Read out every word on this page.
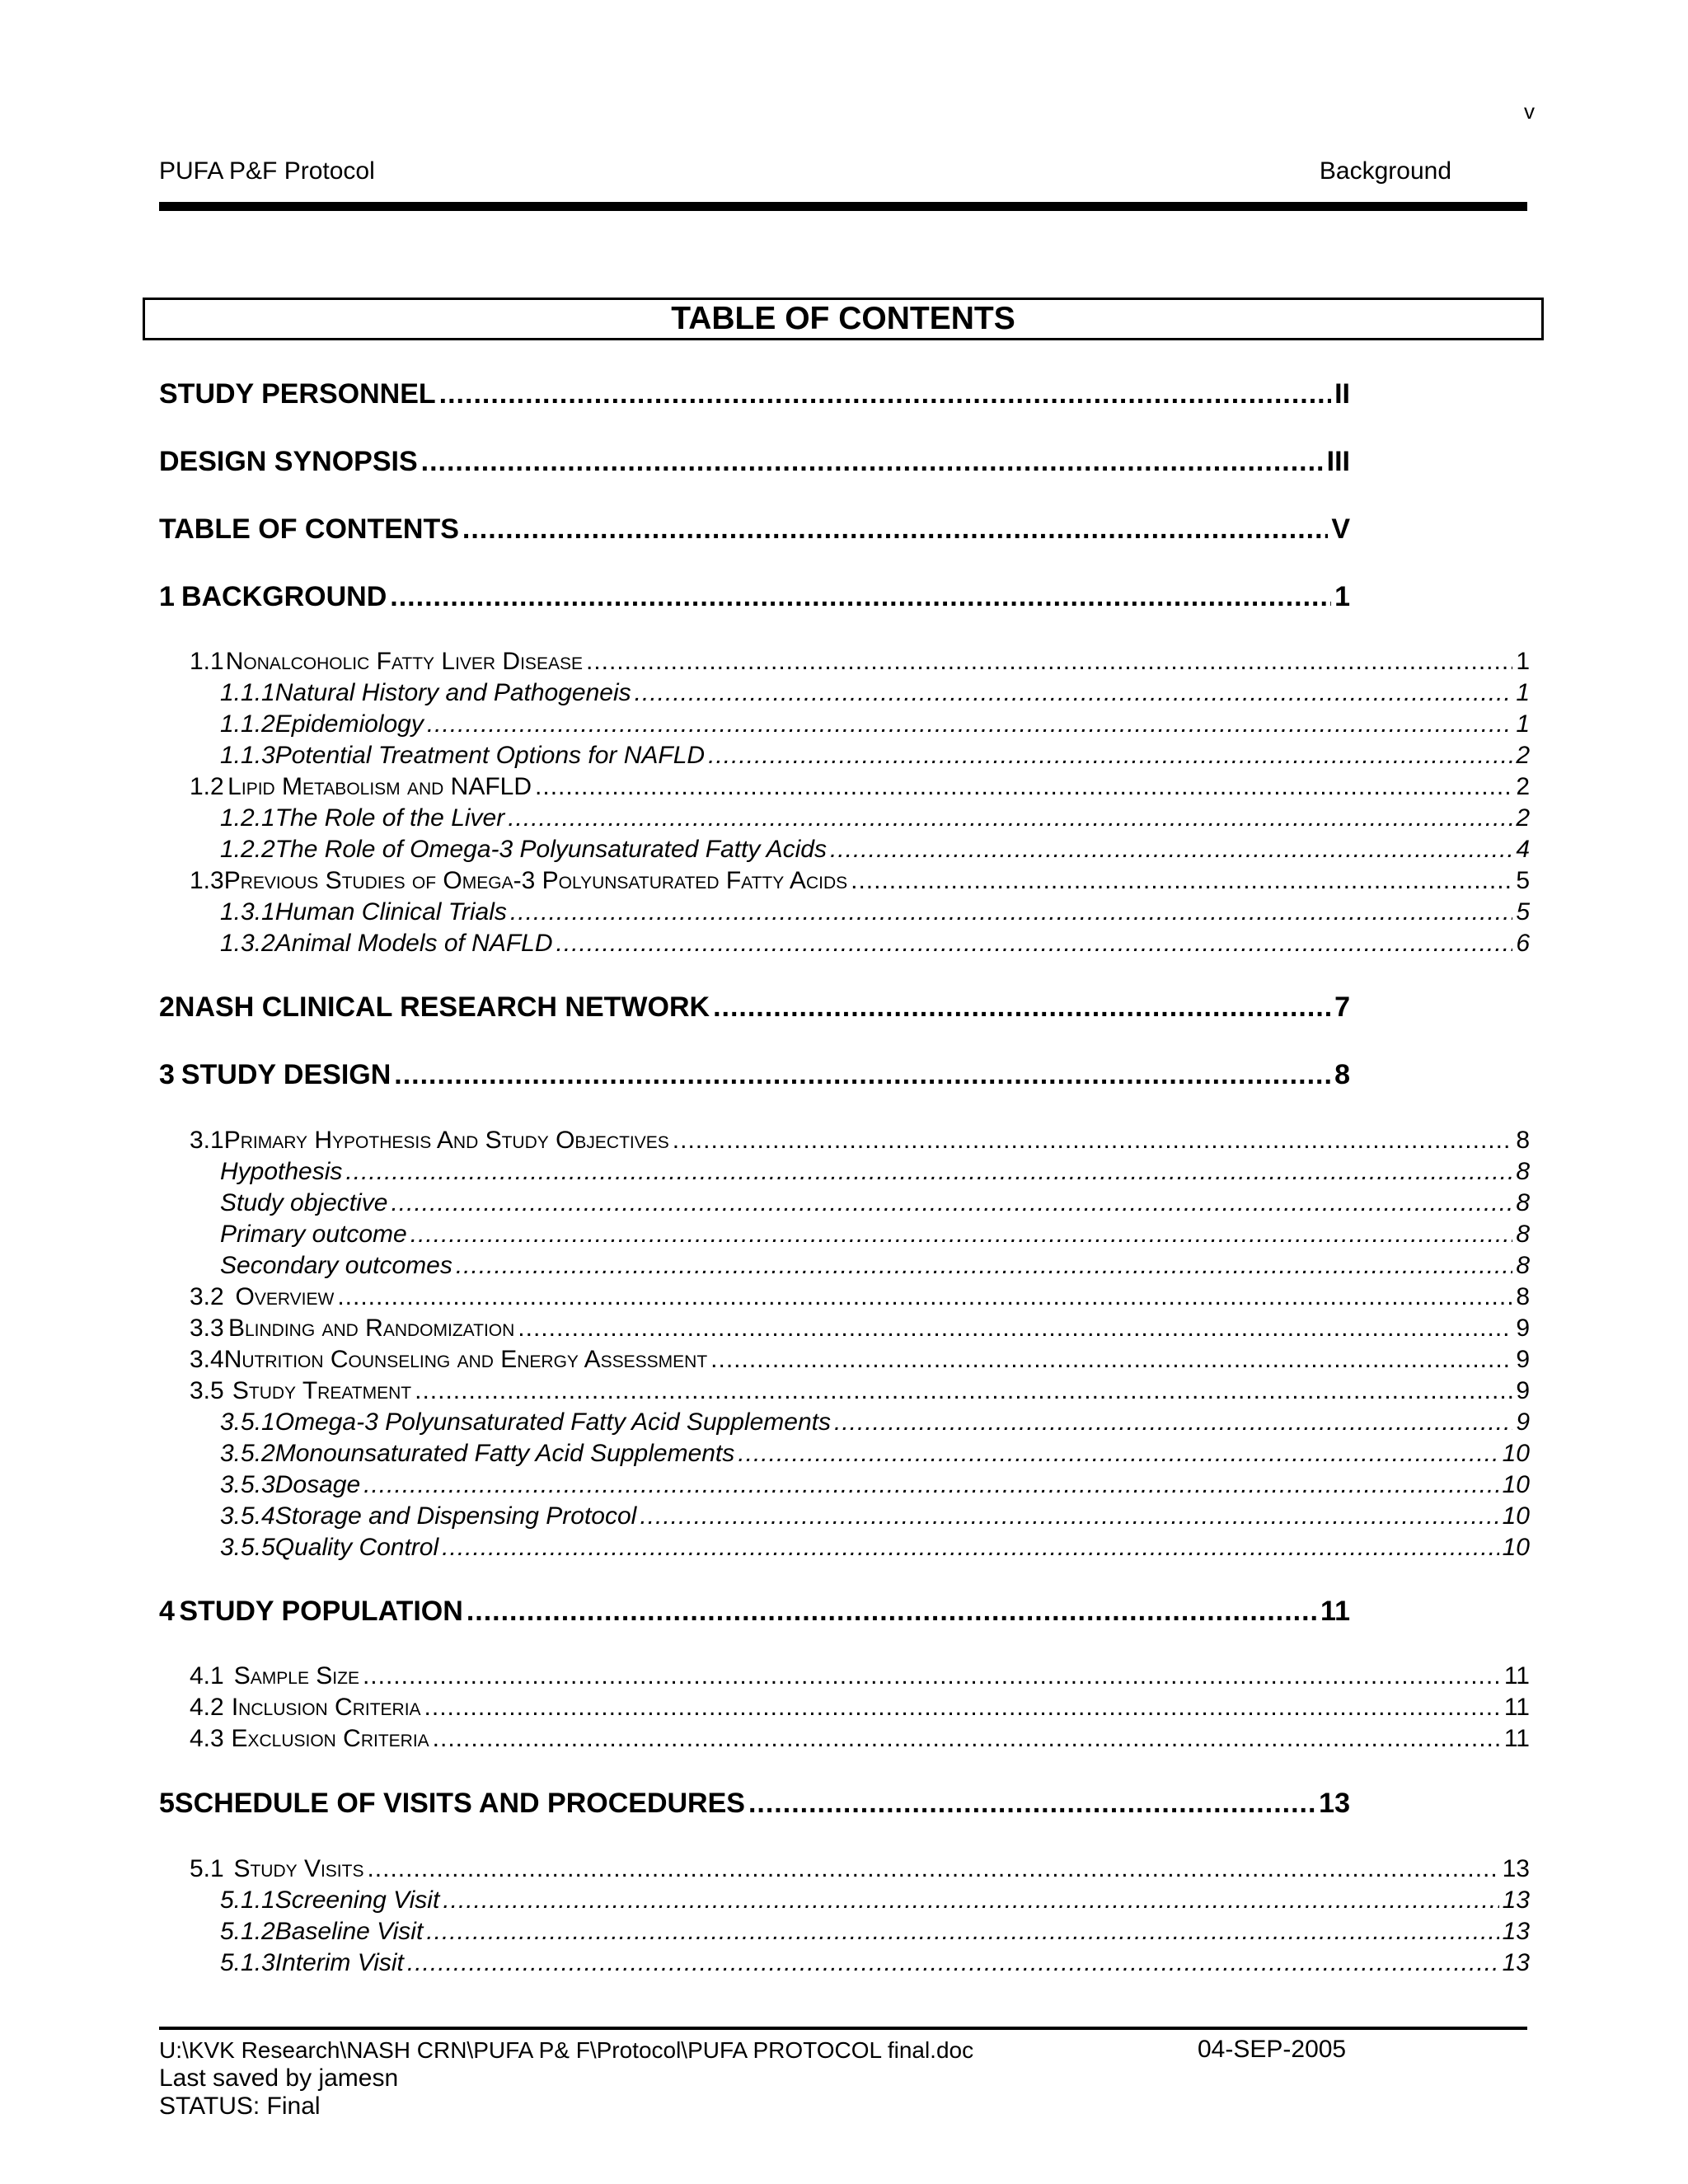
v
PUFA P&F Protocol	Background
TABLE OF CONTENTS
STUDY PERSONNEL .....	II
DESIGN SYNOPSIS .....	III
TABLE OF CONTENTS .....	V
1 BACKGROUND .....	1
1.1 Nonalcoholic Fatty Liver Disease .....	1
1.1.1 Natural History and Pathogeneis .....	1
1.1.2 Epidemiology .....	1
1.1.3 Potential Treatment Options for NAFLD .....	2
1.2 Lipid Metabolism and NAFLD .....	2
1.2.1 The Role of the Liver .....	2
1.2.2 The Role of Omega-3 Polyunsaturated Fatty Acids .....	4
1.3 Previous Studies of Omega-3 Polyunsaturated Fatty Acids .....	5
1.3.1 Human Clinical Trials .....	5
1.3.2 Animal Models of NAFLD .....	6
2 NASH CLINICAL RESEARCH NETWORK .....	7
3 STUDY DESIGN .....	8
3.1 Primary Hypothesis And Study Objectives .....	8
Hypothesis .....	8
Study objective .....	8
Primary outcome .....	8
Secondary outcomes .....	8
3.2 Overview .....	8
3.3 Blinding and Randomization .....	9
3.4 Nutrition Counseling and Energy Assessment .....	9
3.5 Study Treatment .....	9
3.5.1 Omega-3 Polyunsaturated Fatty Acid Supplements .....	9
3.5.2 Monounsaturated Fatty Acid Supplements .....	10
3.5.3 Dosage .....	10
3.5.4 Storage and Dispensing Protocol .....	10
3.5.5 Quality Control .....	10
4 STUDY POPULATION .....	11
4.1 Sample Size .....	11
4.2 Inclusion Criteria .....	11
4.3 Exclusion Criteria .....	11
5 SCHEDULE OF VISITS AND PROCEDURES .....	13
5.1 Study Visits .....	13
5.1.1 Screening Visit .....	13
5.1.2 Baseline Visit .....	13
5.1.3 Interim Visit .....	13
U:\KVK Research\NASH CRN\PUFA P& F\Protocol\PUFA PROTOCOL final.doc	04-SEP-2005
Last saved by jamesn
STATUS: Final
